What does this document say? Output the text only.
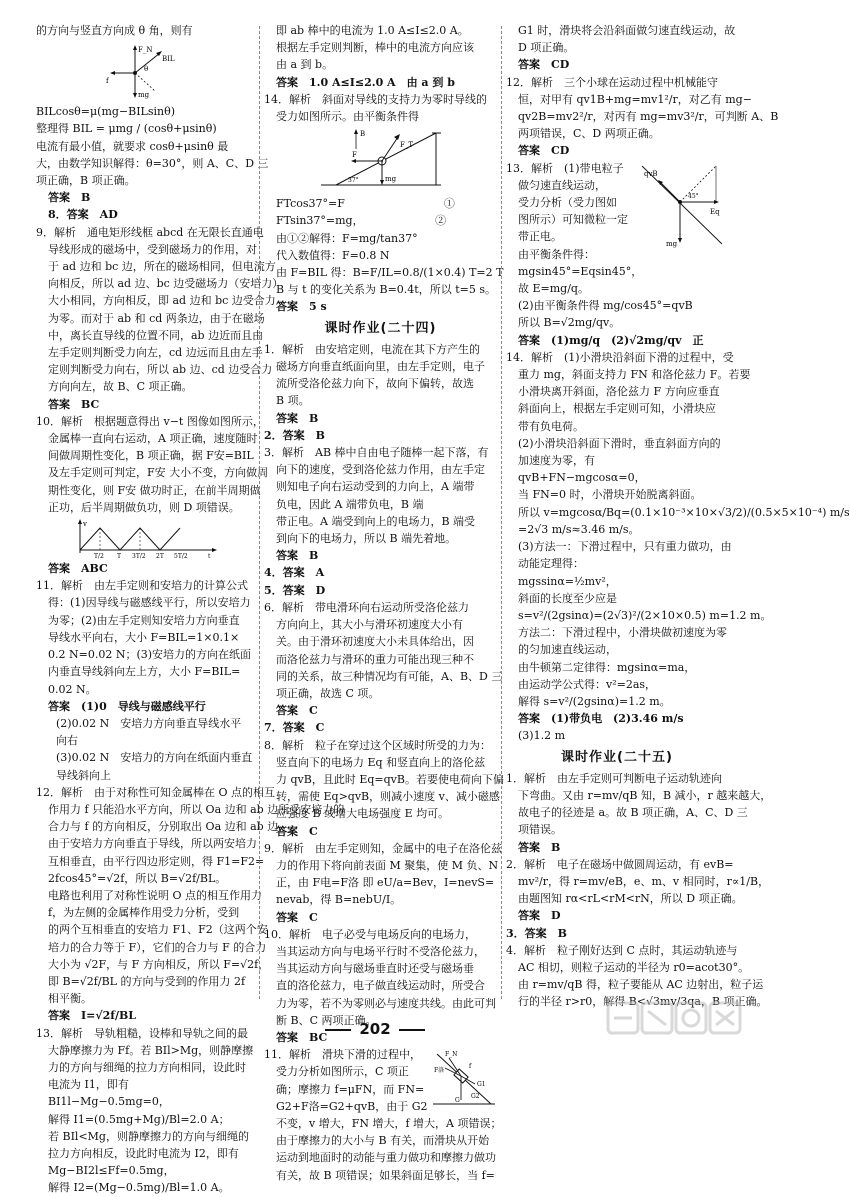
的方向与竖直方向成 θ 角，则有
F_N
BIL
θ
f
mg
BILcosθ=μ(mg−BILsinθ)
整理得 BIL = μmg / (cosθ+μsinθ)
电流有最小值，就要求 cosθ+μsinθ 最
大，由数学知识解得：θ=30°，则 A、C、D 三
项正确，B 项正确。
答案　B
8．答案　AD
9．解析　通电矩形线框 abcd 在无限长直通电
导线形成的磁场中，受到磁场力的作用，对
于 ad 边和 bc 边，所在的磁场相同，但电流方
向相反，所以 ad 边、bc 边受磁场力（安培力）
大小相同，方向相反，即 ad 边和 bc 边受合力
为零。而对于 ab 和 cd 两条边，由于在磁场
中，离长直导线的位置不同，ab 边近而且由
左手定则判断受力向左，cd 边远而且由左手
定则判断受力向右，所以 ab 边、cd 边受合力
方向向左，故 B、C 项正确。
答案　BC
10．解析　根据题意得出 v−t 图像如图所示，
金属棒一直向右运动，A 项正确，速度随时
间做周期性变化，B 项正确，据 F安=BIL
及左手定则可判定，F安 大小不变，方向做周
期性变化，则 F安 做功时正，在前半周期做
正功，后半周期做负功，则 D 项错误。
v
T/2 T 3T/2 2T 5T/2	t
答案　ABC
11．解析　由左手定则和安培力的计算公式
得：(1)因导线与磁感线平行，所以安培力
为零；(2)由左手定则知安培力方向垂直
导线水平向右，大小 F=BIL=1×0.1×
0.2 N=0.02 N；(3)安培力的方向在纸面
内垂直导线斜向左上方，大小 F=BIL=
0.02 N。
答案　(1)0　导线与磁感线平行
(2)0.02 N　安培力方向垂直导线水平
向右
(3)0.02 N　安培力的方向在纸面内垂直
导线斜向上
12．解析　由于对称性可知金属棒在 O 点的相互
作用力 f 只能沿水平方向，所以 Oa 边和 ab 边所受安培力的
合力与 f 的方向相反，分别取出 Oa 边和 ab 边，
由于安培力方向垂直于导线，所以两安培力
互相垂直，由平行四边形定则，得 F1=F2=
2fcos45°=√2f，所以 B=√2f/BL。
电路也利用了对称性说明 O 点的相互作用力
f，为左侧的金属棒作用受力分析，受到
的两个互相垂直的安培力 F1、F2（这两个安
培力的合力等于 F），它们的合力与 F 的合力
大小为 √2F，与 F 方向相反，所以 F=√2f，
即 B=√2f/BL 的方向与受到的作用力 2f
相平衡。
答案　I=√2f/BL
13．解析　导轨粗糙，设棒和导轨之间的最
大静摩擦力为 Ff。若 BIl>Mg，则静摩擦
力的方向与细绳的拉力方向相同，设此时
电流为 I1，即有
BI1l−Mg−0.5mg=0，
解得 I1=(0.5mg+Mg)/Bl=2.0 A；
若 BIl<Mg，则静摩擦力的方向与细绳的
拉力方向相反，设此时电流为 I2，即有
Mg−BI2l≤Ff=0.5mg，
解得 I2=(Mg−0.5mg)/Bl=1.0 A。
即 ab 棒中的电流为 1.0 A≤I≤2.0 A。
根据左手定则判断，棒中的电流方向应该
由 a 到 b。
答案　1.0 A≤I≤2.0 A　由 a 到 b
14．解析　斜面对导线的支持力为零时导线的
受力如图所示。由平衡条件得
B
F_T
F
37°	mg
FTcos37°=F　　　　　　　　　①
FTsin37°=mg，　　　　　　　②
由①②解得：F=mg/tan37°
代入数值得：F=0.8 N
由 F=BIL 得：B=F/IL=0.8/(1×0.4) T=2 T
B 与 t 的变化关系为 B=0.4t，所以 t=5 s。
答案　5 s
课时作业(二十四)
1．解析　由安培定则，电流在其下方产生的
磁场方向垂直纸面向里，由左手定则，电子
流所受洛伦兹力向下，故向下偏转，故选
B 项。
答案　B
2．答案　B
3．解析　AB 棒中自由电子随棒一起下落，有
向下的速度，受到洛伦兹力作用，由左手定
则知电子向右运动受到的力向上，A 端带
负电，因此 A 端带负电，B 端
带正电。A 端受到向上的电场力，B 端受
到向下的电场力，所以 B 端先着地。
答案　B
4．答案　A
5．答案　D
6．解析　带电滑环向右运动所受洛伦兹力
方向向上，其大小与滑环初速度大小有
关。由于滑环初速度大小未具体给出，因
而洛伦兹力与滑环的重力可能出现三种不
同的关系，故三种情况均有可能，A、B、D 三
项正确，故选 C 项。
答案　C
7．答案　C
8．解析　粒子在穿过这个区域时所受的力为：
竖直向下的电场力 Eq 和竖直向上的洛伦兹
力 qvB，且此时 Eq=qvB。若要使电荷向下偏
转，需使 Eq>qvB，则减小速度 v、减小磁感
应强度 B 或增大电场强度 E 均可。
答案　C
9．解析　由左手定则知，金属中的电子在洛伦兹
力的作用下将向前表面 M 聚集，使 M 负、N
正，由 F电=F洛 即 eU/a=Bev，I=nevS=
nevab，得 B=nebU/I。
答案　C
10．解析　电子必受与电场反向的电场力，
当其运动方向与电场平行时不受洛伦兹力，
当其运动方向与磁场垂直时还受与磁场垂
直的洛伦兹力，电子做直线运动时，所受合
力为零，若不为零则必与速度共线。由此可判
断 B、C 两项正确。
答案　BC
F_N
F洛
f
G1
G2
G
11．解析　滑块下滑的过程中，
受力分析如图所示，C 项正
确；摩擦力 f=μFN，而 FN=
G2+F洛=G2+qvB，由于 G2
不变，v 增大，FN 增大，f 增大，A 项错误；
由于摩擦力的大小与 B 有关，而滑块从开始
运动到地面时的动能与重力做功和摩擦力做功
有关，故 B 项错误；如果斜面足够长，当 f=
G1 时，滑块将会沿斜面做匀速直线运动，故
D 项正确。
答案　CD
12．解析　三个小球在运动过程中机械能守
恒，对甲有 qv1B+mg=mv1²/r，对乙有 mg−
qv2B=mv2²/r，对丙有 mg=mv3²/r，可判断 A、B
两项错误，C、D 两项正确。
答案　CD
qvB
Eq
45°
mg
13．解析　(1)带电粒子
做匀速直线运动，
受力分析（受力图如
图所示）可知微粒一定
带正电。
由平衡条件得：
mgsin45°=Eqsin45°，
故 E=mg/q。
(2)由平衡条件得 mg/cos45°=qvB
所以 B=√2mg/qv。
答案　(1)mg/q　(2)√2mg/qv　正
14．解析　(1)小滑块沿斜面下滑的过程中，受
重力 mg，斜面支持力 FN 和洛伦兹力 F。若要
小滑块离开斜面，洛伦兹力 F 方向应垂直
斜面向上，根据左手定则可知，小滑块应
带有负电荷。
(2)小滑块沿斜面下滑时，垂直斜面方向的
加速度为零，有
qvB+FN−mgcosα=0，
当 FN=0 时，小滑块开始脱离斜面。
所以 v=mgcosα/Bq=(0.1×10⁻³×10×√3/2)/(0.5×5×10⁻⁴) m/s
=2√3 m/s≈3.46 m/s。
(3)方法一：下滑过程中，只有重力做功，由
动能定理得：
mgssinα=½mv²，
斜面的长度至少应是
s=v²/(2gsinα)=(2√3)²/(2×10×0.5) m=1.2 m。
方法二：下滑过程中，小滑块做初速度为零
的匀加速直线运动，
由牛顿第二定律得：mgsinα=ma，
由运动学公式得：v²=2as，
解得 s=v²/(2gsinα)=1.2 m。
答案　(1)带负电　(2)3.46 m/s
(3)1.2 m
课时作业(二十五)
1．解析　由左手定则可判断电子运动轨迹向
下弯曲。又由 r=mv/qB 知，B 减小，r 越来越大，
故电子的径迹是 a。故 B 项正确，A、C、D 三
项错误。
答案　B
2．解析　电子在磁场中做圆周运动，有 evB=
mv²/r，得 r=mv/eB，e、m、v 相同时，r∝1/B，
由题图知 rα<rL<rM<rN，所以 D 项正确。
答案　D
3．答案　B
4．解析　粒子刚好达到 C 点时，其运动轨迹与
AC 相切，则粒子运动的半径为 r0=acot30°。
由 r=mv/qB 得，粒子要能从 AC 边射出，粒子运
行的半径 r>r0，解得 B<√3mv/3qa，B 项正确。
202
